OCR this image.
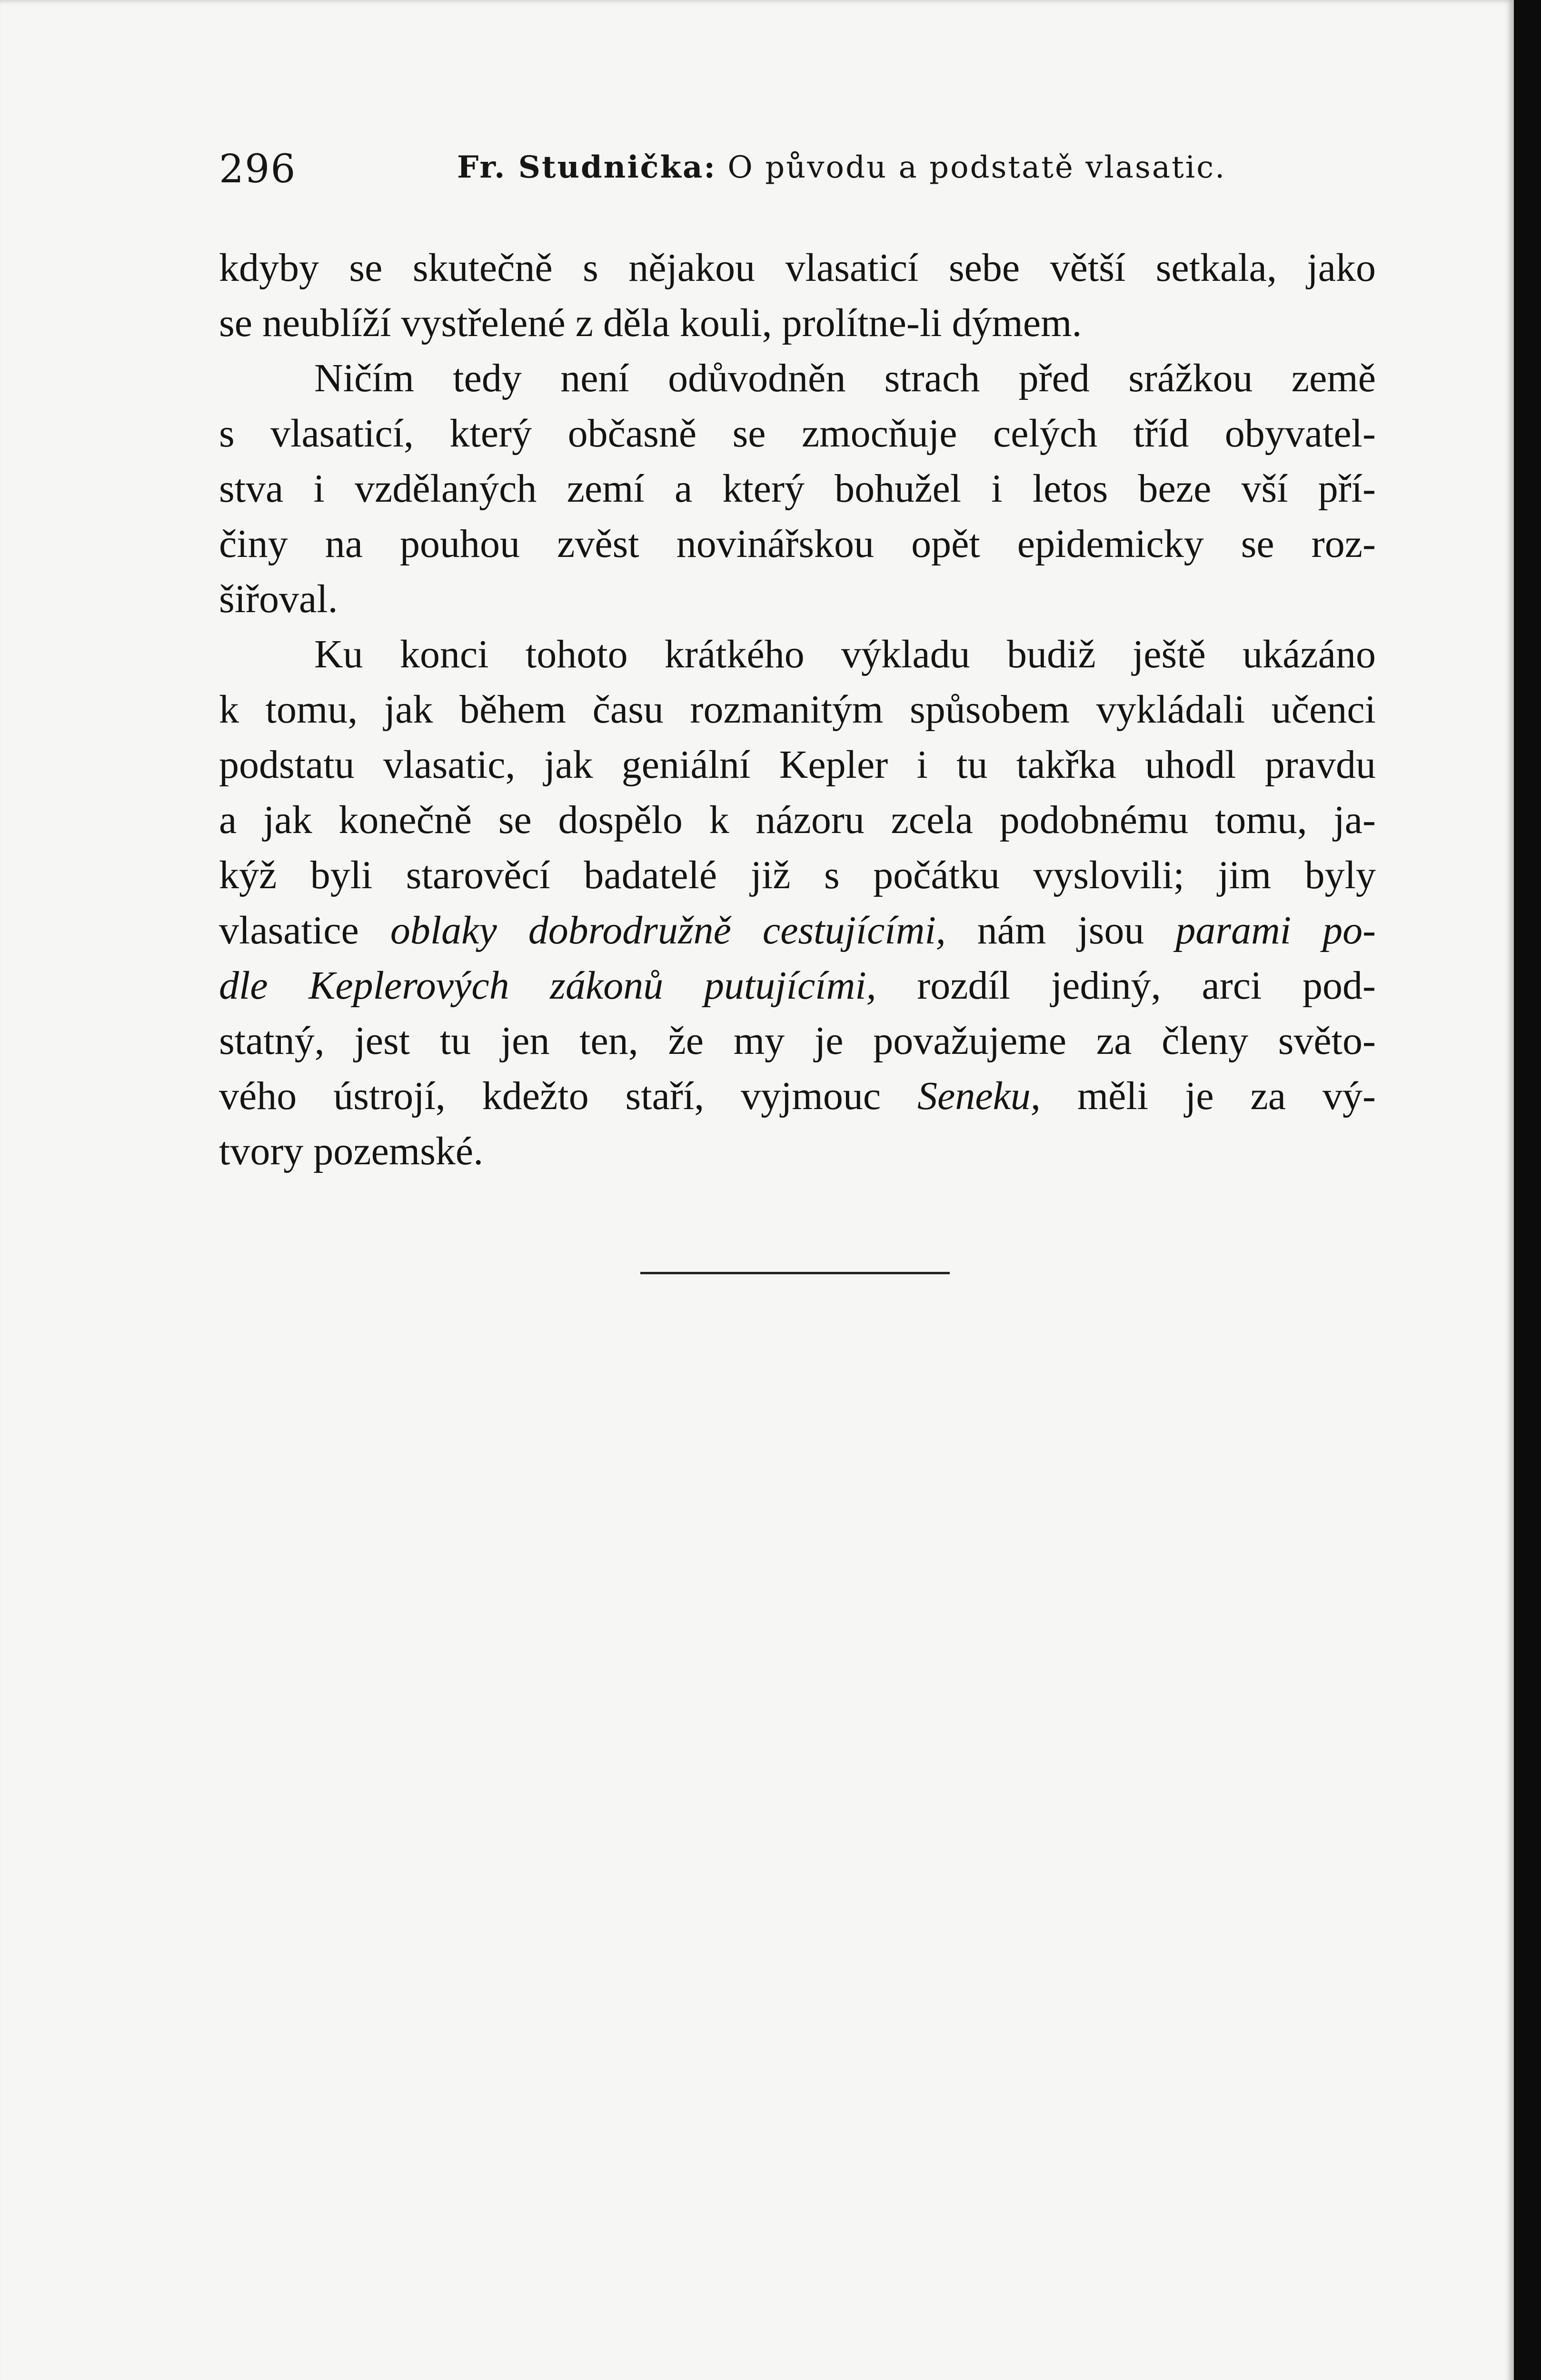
296	Fr. Studnička: O původu a podstatě vlasatic.
kdyby se skutečně s nějakou vlasaticí sebe větší setkala, jako
se neublíží vystřelené z děla kouli, prolítne-li dýmem.
Ničím tedy není odůvodněn strach před srážkou země
s vlasaticí, který občasně se zmocňuje celých tříd obyvatel-
stva i vzdělaných zemí a který bohužel i letos beze vší pří-
činy na pouhou zvěst novinářskou opět epidemicky se roz-
šiřoval.
Ku konci tohoto krátkého výkladu budiž ještě ukázáno
k tomu, jak během času rozmanitým spůsobem vykládali učenci
podstatu vlasatic, jak geniální Kepler i tu takřka uhodl pravdu
a jak konečně se dospělo k názoru zcela podobnému tomu, ja-
kýž byli starověcí badatelé již s počátku vyslovili; jim byly
vlasatice oblaky dobrodružně cestujícími, nám jsou parami po-
dle Keplerových zákonů putujícími, rozdíl jediný, arci pod-
statný, jest tu jen ten, že my je považujeme za členy světo-
vého ústrojí, kdežto staří, vyjmouc Seneku, měli je za vý-
tvory pozemské.
